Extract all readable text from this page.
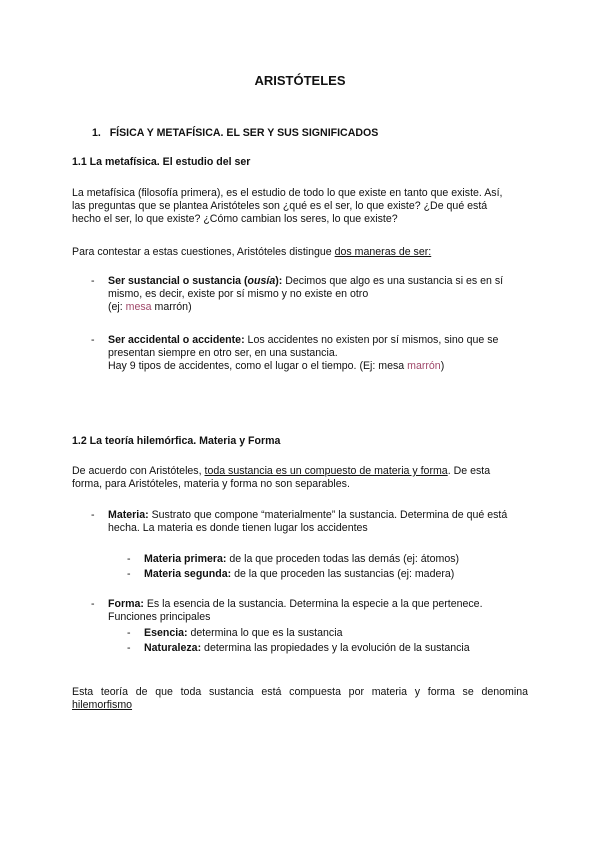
ARISTÓTELES
1. FÍSICA Y METAFÍSICA. EL SER Y SUS SIGNIFICADOS
1.1 La metafísica. El estudio del ser
La metafísica (filosofía primera), es el estudio de todo lo que existe en tanto que existe. Así,
las preguntas que se plantea Aristóteles son ¿qué es el ser, lo que existe? ¿De qué está
hecho el ser, lo que existe? ¿Cómo cambian los seres, lo que existe?
Para contestar a estas cuestiones, Aristóteles distingue dos maneras de ser:
- Ser sustancial o sustancia (ousía): Decimos que algo es una sustancia si es en sí
mismo, es decir, existe por sí mismo y no existe en otro
(ej: mesa marrón)
- Ser accidental o accidente: Los accidentes no existen por sí mismos, sino que se
presentan siempre en otro ser, en una sustancia.
Hay 9 tipos de accidentes, como el lugar o el tiempo. (Ej: mesa marrón)
1.2 La teoría hilemórfica. Materia y Forma
De acuerdo con Aristóteles, toda sustancia es un compuesto de materia y forma. De esta
forma, para Aristóteles, materia y forma no son separables.
- Materia: Sustrato que compone “materialmente” la sustancia. Determina de qué está
hecha. La materia es donde tienen lugar los accidentes
- Materia primera: de la que proceden todas las demás (ej: átomos)
- Materia segunda: de la que proceden las sustancias (ej: madera)
- Forma: Es la esencia de la sustancia. Determina la especie a la que pertenece.
Funciones principales
- Esencia: determina lo que es la sustancia
- Naturaleza: determina las propiedades y la evolución de la sustancia
Esta teoría de que toda sustancia está compuesta por materia y forma se denomina
hilemorfismo
